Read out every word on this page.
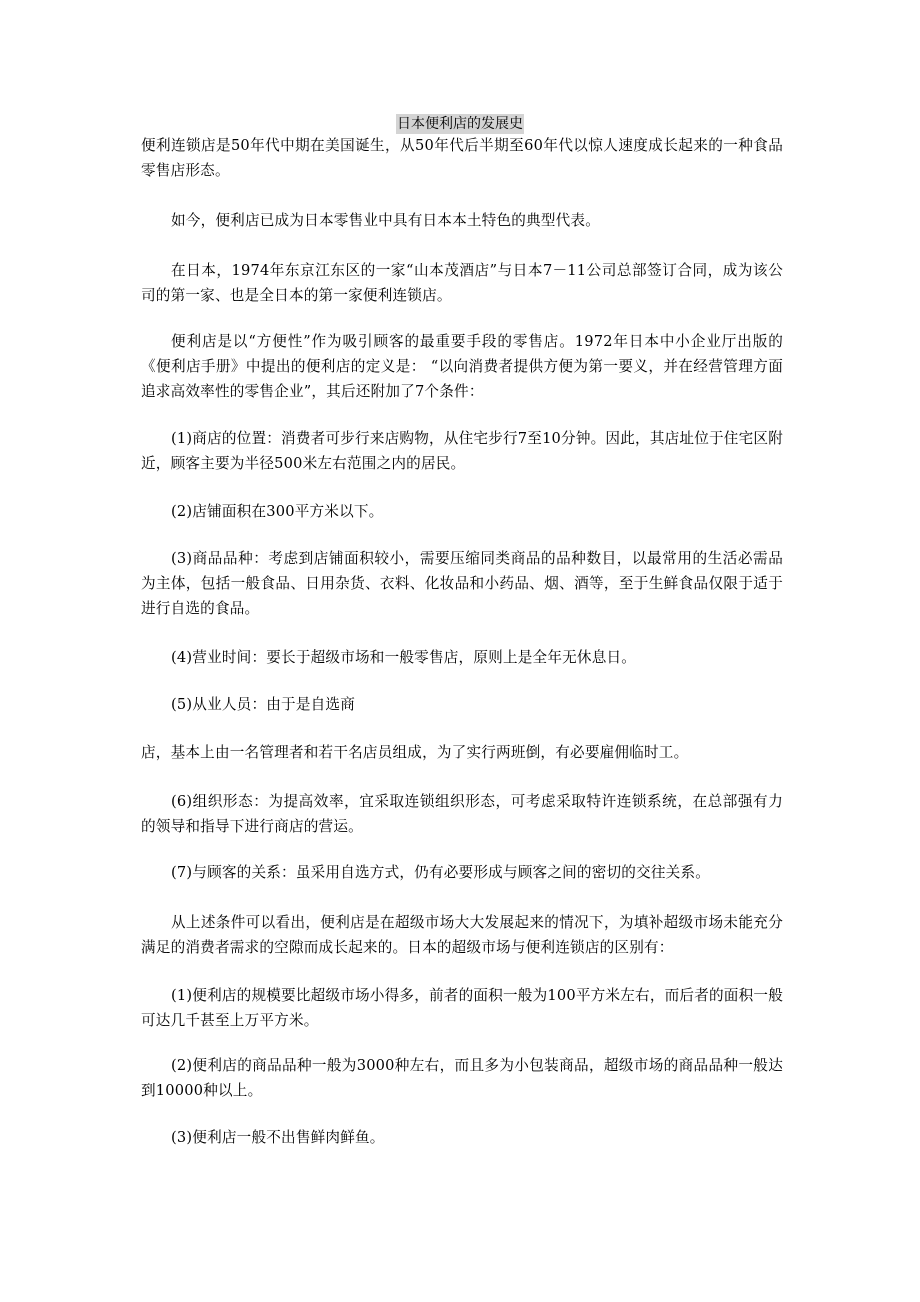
日本便利店的发展史

便利连锁店是50年代中期在美国诞生，从50年代后半期至60年代以惊人速度成长起来的一种食品零售店形态。

如今，便利店已成为日本零售业中具有日本本土特色的典型代表。

在日本，1974年东京江东区的一家“山本茂酒店”与日本7－11公司总部签订合同，成为该公司的第一家、也是全日本的第一家便利连锁店。

便利店是以“方便性”作为吸引顾客的最重要手段的零售店。1972年日本中小企业厅出版的《便利店手册》中提出的便利店的定义是： “以向消费者提供方便为第一要义，并在经营管理方面追求高效率性的零售企业”，其后还附加了7个条件：

(1)商店的位置：消费者可步行来店购物，从住宅步行7至10分钟。因此，其店址位于住宅区附近，顾客主要为半径500米左右范围之内的居民。

(2)店铺面积在300平方米以下。

(3)商品品种：考虑到店铺面积较小，需要压缩同类商品的品种数目，以最常用的生活必需品为主体，包括一般食品、日用杂货、衣料、化妆品和小药品、烟、酒等，至于生鲜食品仅限于适于进行自选的食品。

(4)营业时间：要长于超级市场和一般零售店，原则上是全年无休息日。

(5)从业人员：由于是自选商

店，基本上由一名管理者和若干名店员组成，为了实行两班倒，有必要雇佣临时工。

(6)组织形态：为提高效率，宜采取连锁组织形态，可考虑采取特许连锁系统，在总部强有力的领导和指导下进行商店的营运。

(7)与顾客的关系：虽采用自选方式，仍有必要形成与顾客之间的密切的交往关系。

从上述条件可以看出，便利店是在超级市场大大发展起来的情况下，为填补超级市场未能充分满足的消费者需求的空隙而成长起来的。日本的超级市场与便利连锁店的区别有：

(1)便利店的规模要比超级市场小得多，前者的面积一般为100平方米左右，而后者的面积一般可达几千甚至上万平方米。

(2)便利店的商品品种一般为3000种左右，而且多为小包装商品，超级市场的商品品种一般达到10000种以上。

(3)便利店一般不出售鲜肉鲜鱼。
